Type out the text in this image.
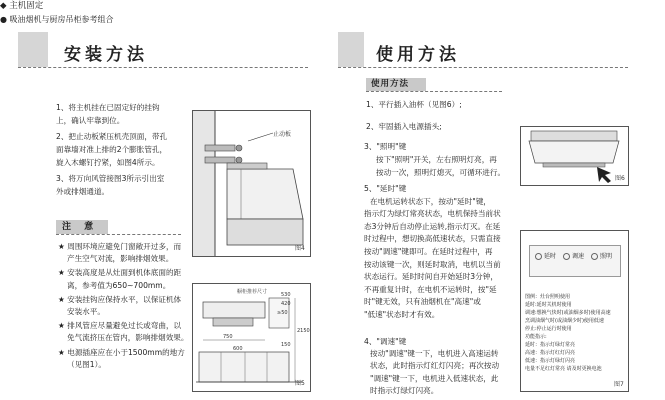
安装方法
◆ 主机固定
1、将主机挂在已固定好的挂钩
上，确认牢靠到位。
2、把止动板紧压机壳顶面，带孔
面靠墙对准上排的2个膨胀管孔，
旋入木螺钉拧紧，如图4所示。
3、将万向风管接图3所示引出室
外或排烟通道。
注 意
★ 周围环境应避免门窗敞开过多，而
产生空气对流，影响排烟效果。
★ 安装高度是从灶面到机体底面的距
离，参考值为650~700mm。
★ 安装挂钩应保持水平，以保证机体
安装水平。
★ 排风管应尽量避免过长或弯曲，以
免气流挤压在管内，影响排烟效果。
★ 电源插座应在小于1500mm的地方
（见图1）。
● 吸油烟机与厨房吊柜参考组合
止动板
图4
橱柜推荐尺寸	530
420
≥50
750
2150
150
600
图5
使用方法
使用方法
1、平行插入油杯（见图6）;
2、牢固插入电源插头;
3、"照明"键
按下"照明"开关，左右照明灯亮，再
按动一次，照明灯熄灭，可循环进行。
5、"延时"键
在电机运转状态下，按动"延时"键，
指示灯为绿灯常亮状态，电机保持当前状
态3分钟后自动停止运转,指示灯灭。在延
时过程中，想切换高低速状态，只需直接
按动"调速"键即可。在延时过程中，再
按动该键一次，则延时取消，电机以当前
状态运行。延时时间自开始延时3分钟，
不再重复计时，在电机不运转时，按"延
时"键无效，只有油烟机在"高速"或
"低速"状态时才有效。
4、"调速"键
按动"调速"键一下，电机进入高速运转
状态，此时指示灯红灯闪亮；再次按动
"调速"键一下，电机进入低速状态，此
时指示灯绿灯闪亮。
图6
延时	调速	照明
图例：灶台照明使用
延时:延时关机时使用
调速:想换气快时(或油烟多时)使用高速
烹调油烟气时(或油烟少时)使用低速
停止:停止运行时使用
功能指示:
延时：指示灯绿灯常亮
高速：指示灯红灯闪亮
低速：指示灯绿灯闪亮
电量不足红灯常亮 请及时更换电池
图7
